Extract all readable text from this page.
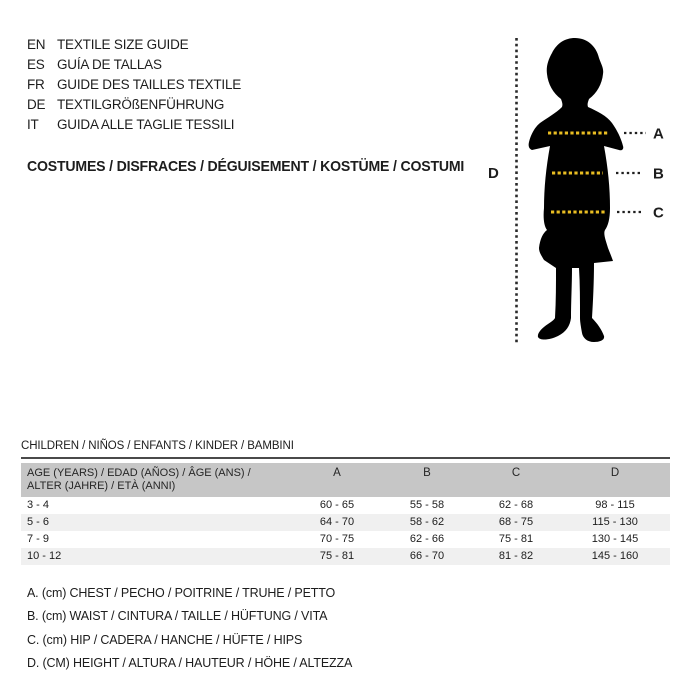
EN TEXTILE SIZE GUIDE
ES GUÍA DE TALLAS
FR GUIDE DES TAILLES TEXTILE
DE TEXTILGRÖßENFÜHRUNG
IT	GUIDA ALLE TAGLIE TESSILI
COSTUMES / DISFRACES / DÉGUISEMENT / KOSTÜME / COSTUMI D
A
B
C
CHILDREN / NIÑOS / ENFANTS / KINDER / BAMBINI
AGE (YEARS) / EDAD (AÑOS) / ÂGE (ANS) /
ALTER (JAHRE) / ETÀ (ANNI)
A	B	C	D
3 - 4	60 - 65	55 - 58	62 - 68	98 - 115
5 - 6	64 - 70	58 - 62	68 - 75	115 - 130
7 - 9	70 - 75	62 - 66	75 - 81	130 - 145
10 - 12	75 - 81	66 - 70	81 - 82	145 - 160
A. (cm) CHEST / PECHO / POITRINE / TRUHE / PETTO
B. (cm) WAIST / CINTURA / TAILLE / HÜFTUNG / VITA
C. (cm) HIP / CADERA / HANCHE / HÜFTE / HIPS
D. (CM) HEIGHT / ALTURA / HAUTEUR / HÖHE / ALTEZZA
